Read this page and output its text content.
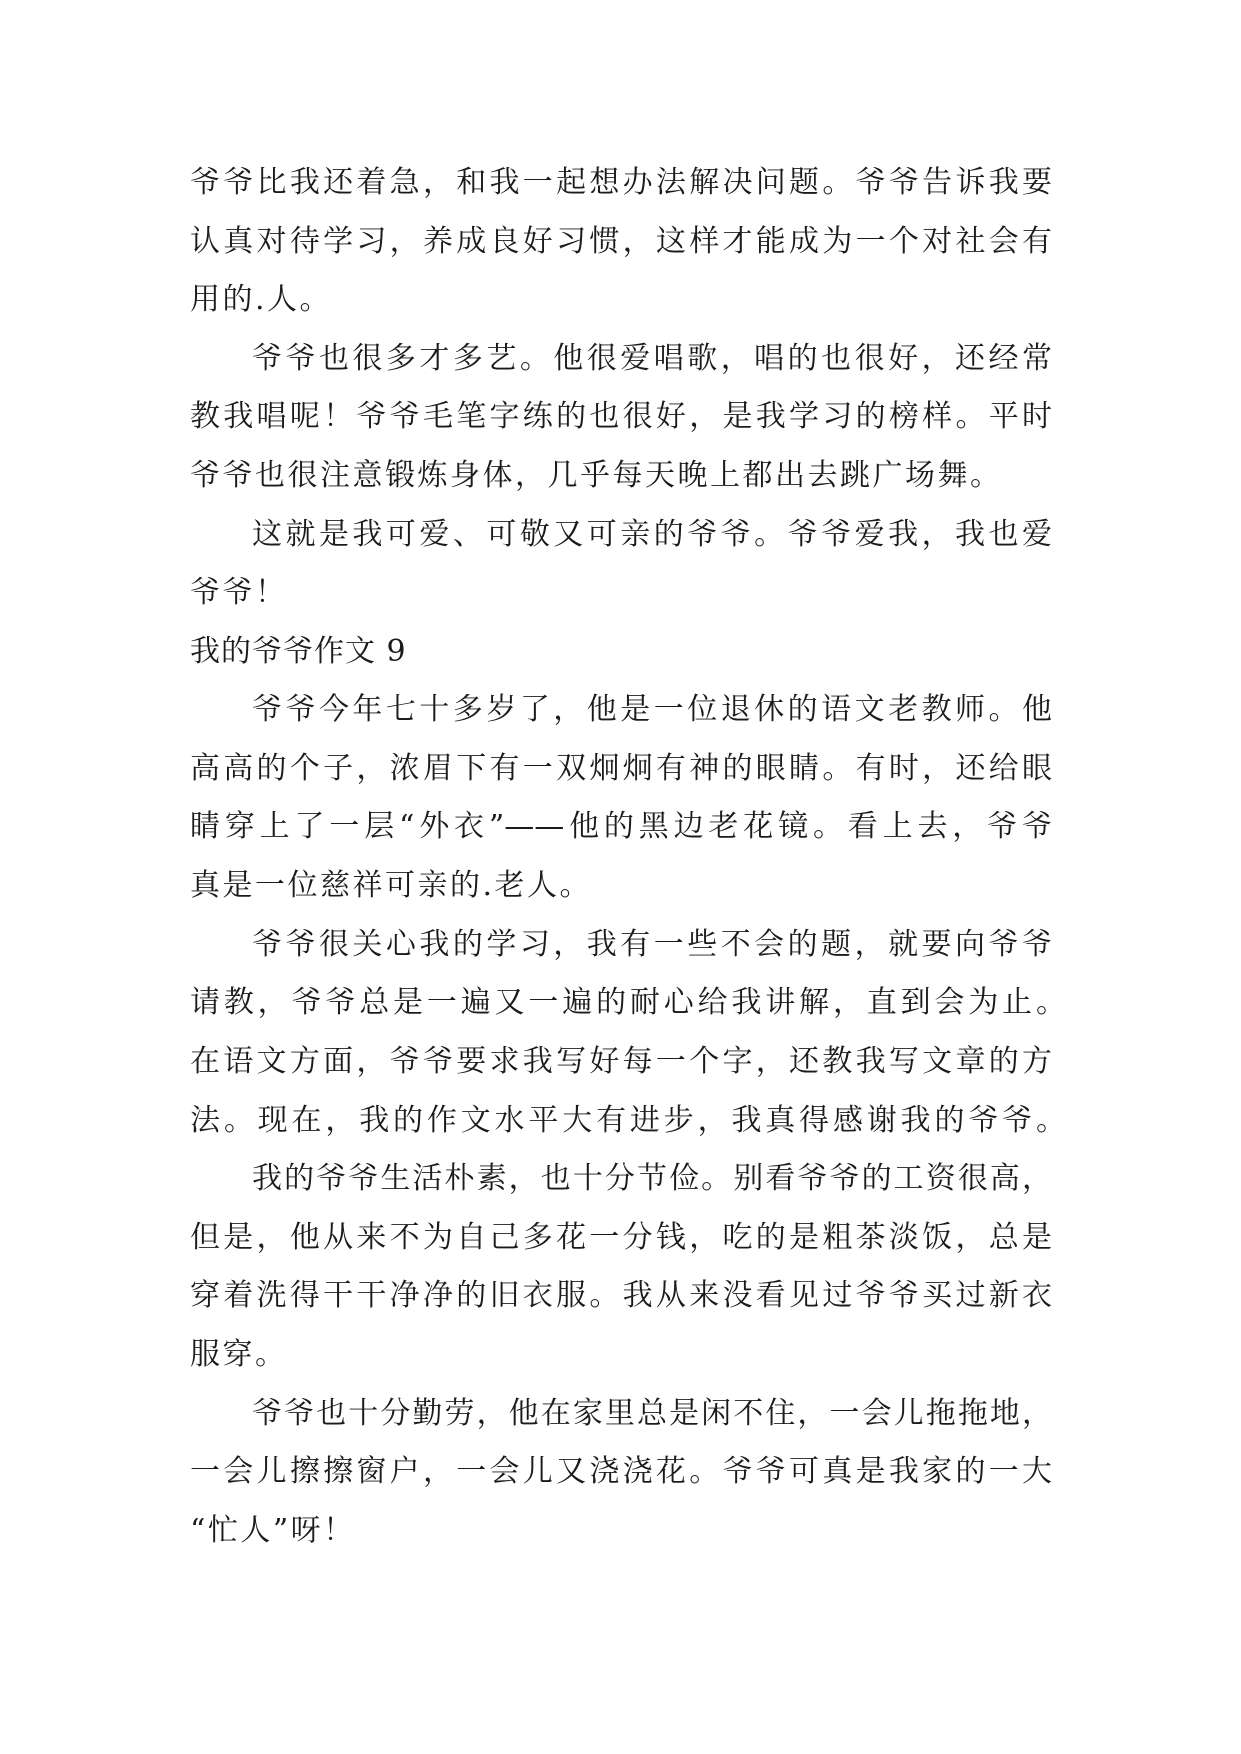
爷爷比我还着急，和我一起想办法解决问题。爷爷告诉我要
认真对待学习，养成良好习惯，这样才能成为一个对社会有
用的.人。
爷爷也很多才多艺。他很爱唱歌，唱的也很好，还经常
教我唱呢！爷爷毛笔字练的也很好，是我学习的榜样。平时
爷爷也很注意锻炼身体，几乎每天晚上都出去跳广场舞。
这就是我可爱、可敬又可亲的爷爷。爷爷爱我，我也爱
爷爷！
我的爷爷作文 9
爷爷今年七十多岁了，他是一位退休的语文老教师。他
高高的个子，浓眉下有一双炯炯有神的眼睛。有时，还给眼
睛穿上了一层“外衣”——他的黑边老花镜。看上去，爷爷
真是一位慈祥可亲的.老人。
爷爷很关心我的学习，我有一些不会的题，就要向爷爷
请教，爷爷总是一遍又一遍的耐心给我讲解，直到会为止。
在语文方面，爷爷要求我写好每一个字，还教我写文章的方
法。现在，我的作文水平大有进步，我真得感谢我的爷爷。
我的爷爷生活朴素，也十分节俭。别看爷爷的工资很高，
但是，他从来不为自己多花一分钱，吃的是粗茶淡饭，总是
穿着洗得干干净净的旧衣服。我从来没看见过爷爷买过新衣
服穿。
爷爷也十分勤劳，他在家里总是闲不住，一会儿拖拖地，
一会儿擦擦窗户，一会儿又浇浇花。爷爷可真是我家的一大
“忙人”呀！
